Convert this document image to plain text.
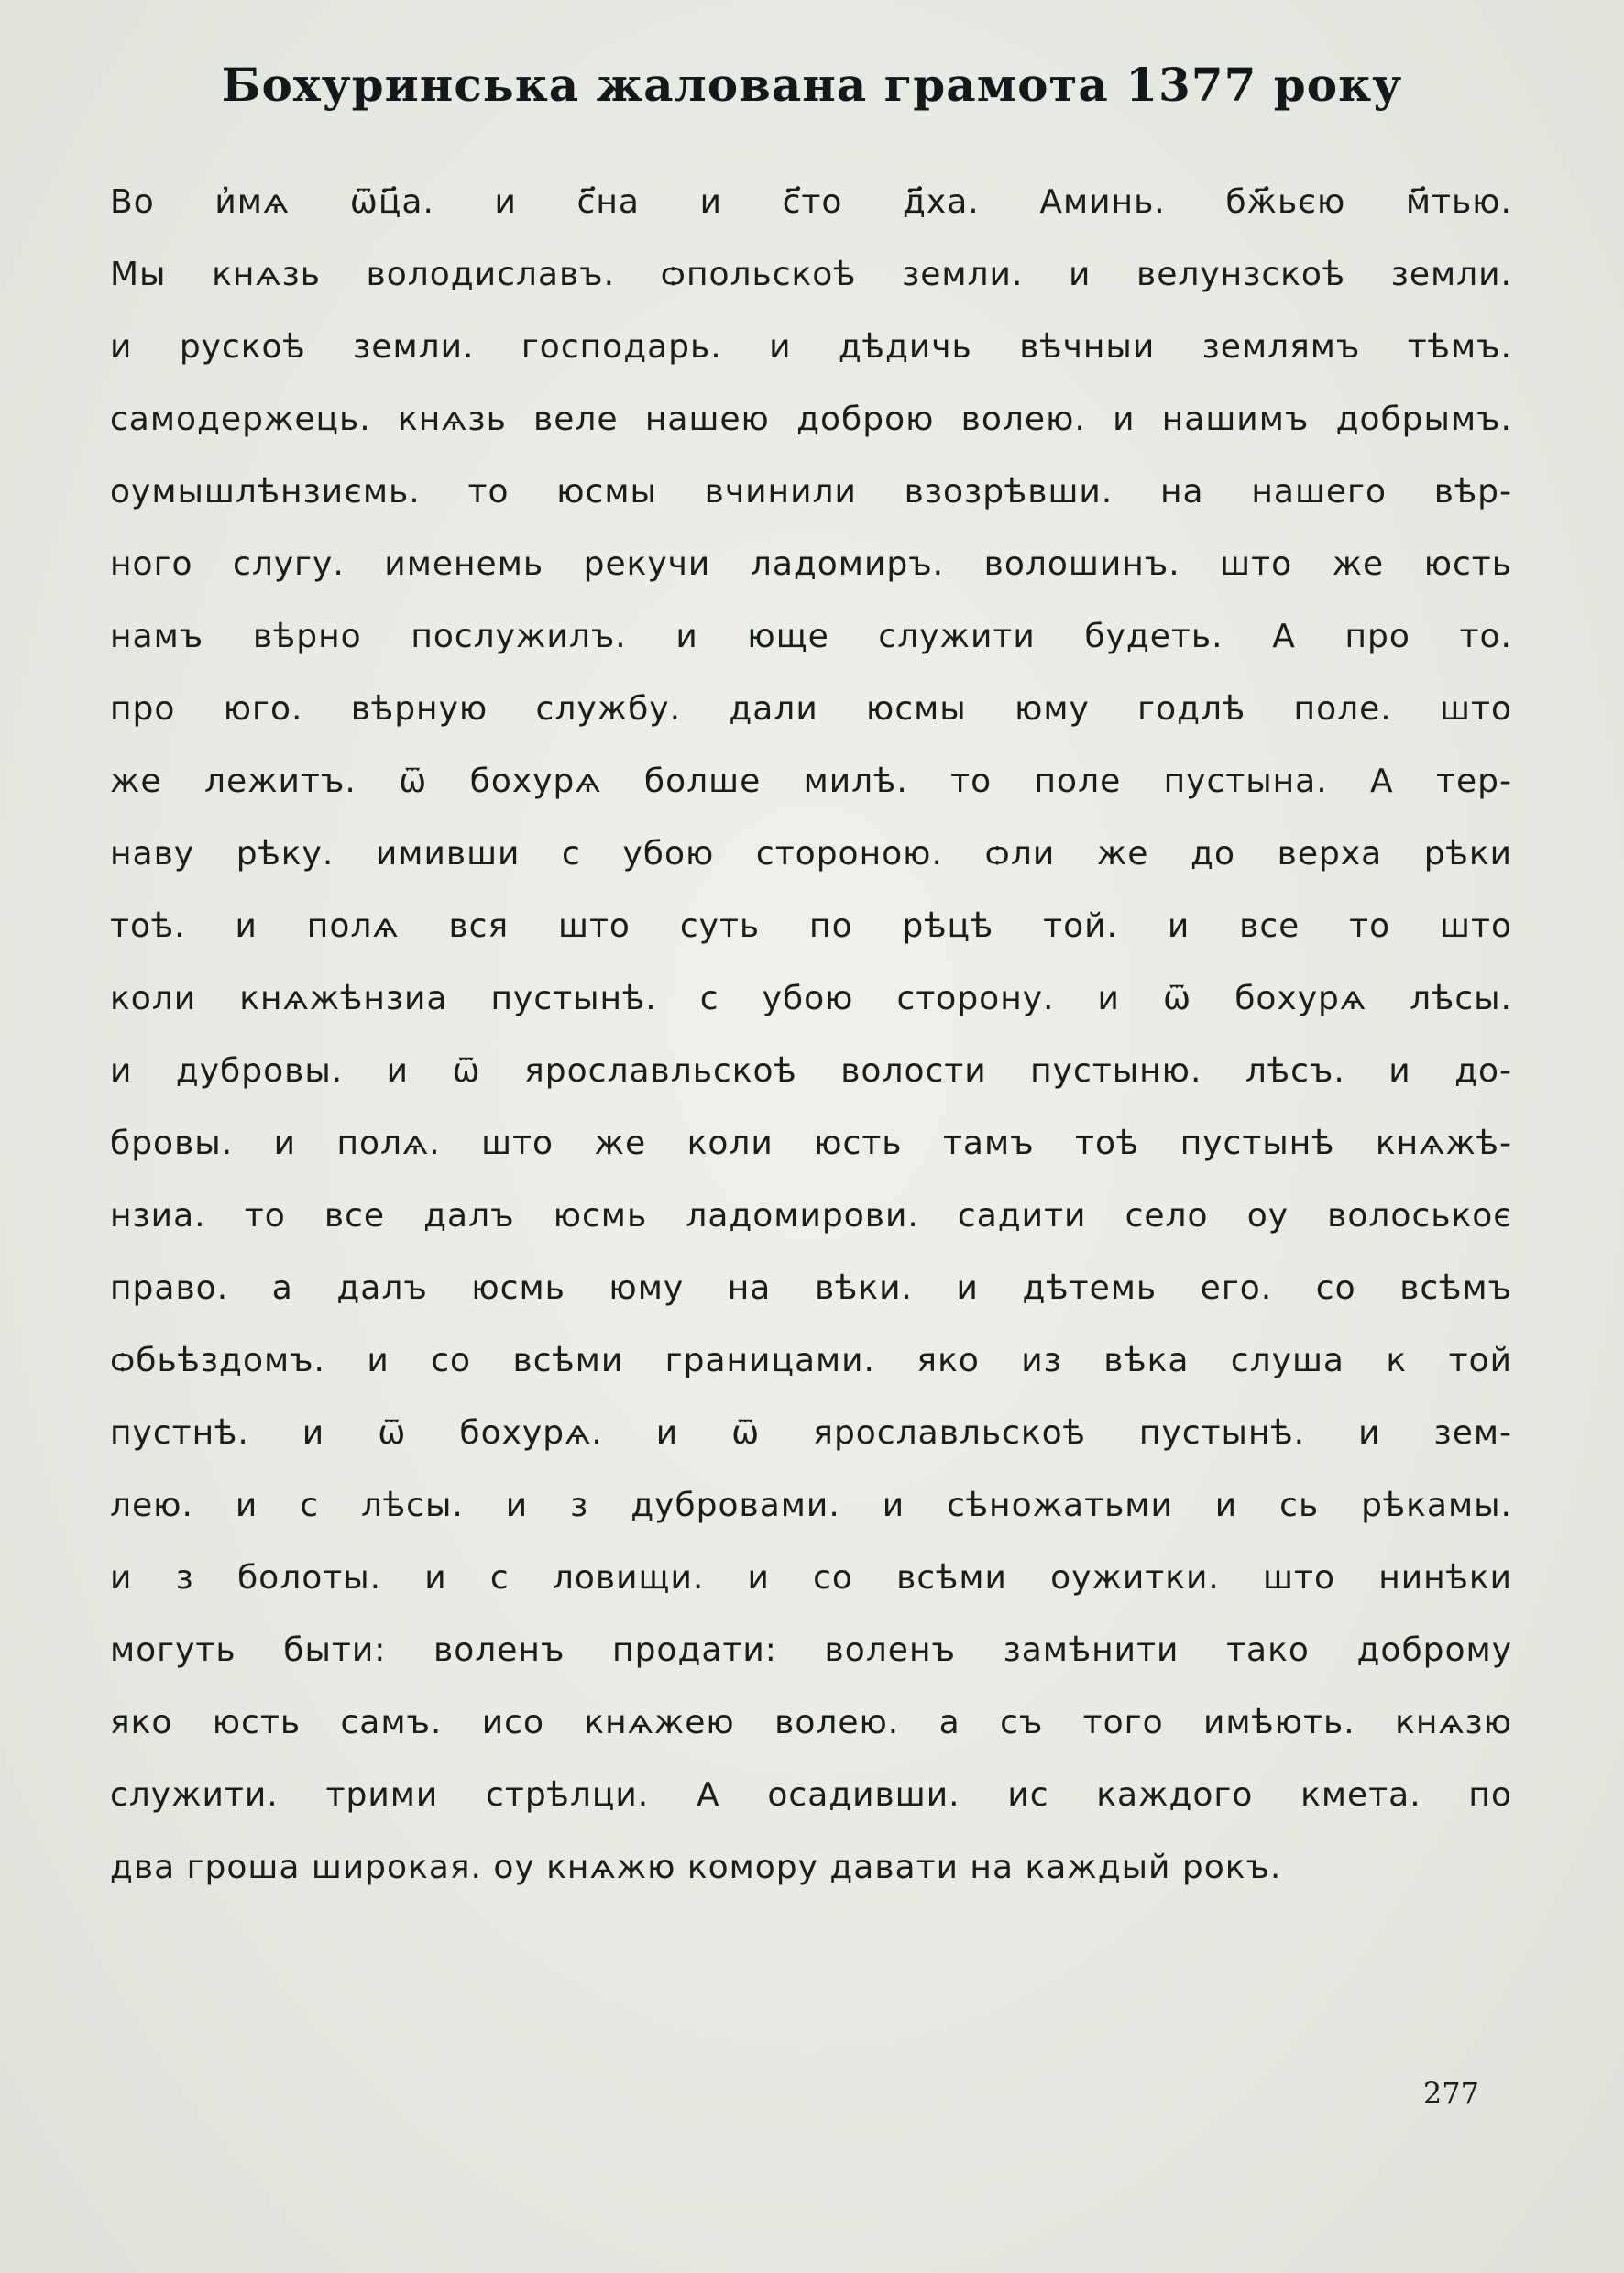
Бохуринська жалована грамота 1377 року
Во и҆мѧ ѿц҃а. и с҃на и с҃то д҃ха. Аминь. бж҃ьєю м҃тью.
Мы кнѧзь володиславъ. ѻпольскоѣ земли. и велунзскоѣ земли.
и рускоѣ земли. господарь. и дѣдичь вѣчныи землямъ тѣмъ.
самодержець. кнѧзь веле нашею доброю волею. и нашимъ добрымъ.
оумышлѣнзиємь. то юсмы вчинили взозрѣвши. на нашего вѣр-
ного слугу. именемь рекучи ладомиръ. волошинъ. што же юсть
намъ вѣрно послужилъ. и юще служити будеть. А про то.
про юго. вѣрную службу. дали юсмы юму годлѣ поле. што
же лежитъ. ѿ бохурѧ болше милѣ. то поле пустына. А тер-
наву рѣку. имивши с убою стороною. ѻли же до верха рѣки
тоѣ. и полѧ вся што суть по рѣцѣ той. и все то што
коли кнѧжѣнзиа пустынѣ. с убою сторону. и ѿ бохурѧ лѣсы.
и дубровы. и ѿ ярославльскоѣ волости пустыню. лѣсъ. и до-
бровы. и полѧ. што же коли юсть тамъ тоѣ пустынѣ кнѧжѣ-
нзиа. то все далъ юсмь ладомирови. садити село оу волоськоє
право. а далъ юсмь юму на вѣки. и дѣтемь его. со всѣмъ
ѻбьѣздомъ. и со всѣми границами. яко из вѣка слуша к той
пустнѣ. и ѿ бохурѧ. и ѿ ярославльскоѣ пустынѣ. и зем-
лею. и с лѣсы. и з дубровами. и сѣножатьми и сь рѣкамы.
и з болоты. и с ловищи. и со всѣми оужитки. што нинѣки
могуть быти: воленъ продати: воленъ замѣнити тако доброму
яко юсть самъ. исо кнѧжею волею. а съ того имѣють. кнѧзю
служити. трими стрѣлци. А осадивши. ис каждого кмета. по
два гроша широкая. оу кнѧжю комору давати на каждый рокъ.
277
